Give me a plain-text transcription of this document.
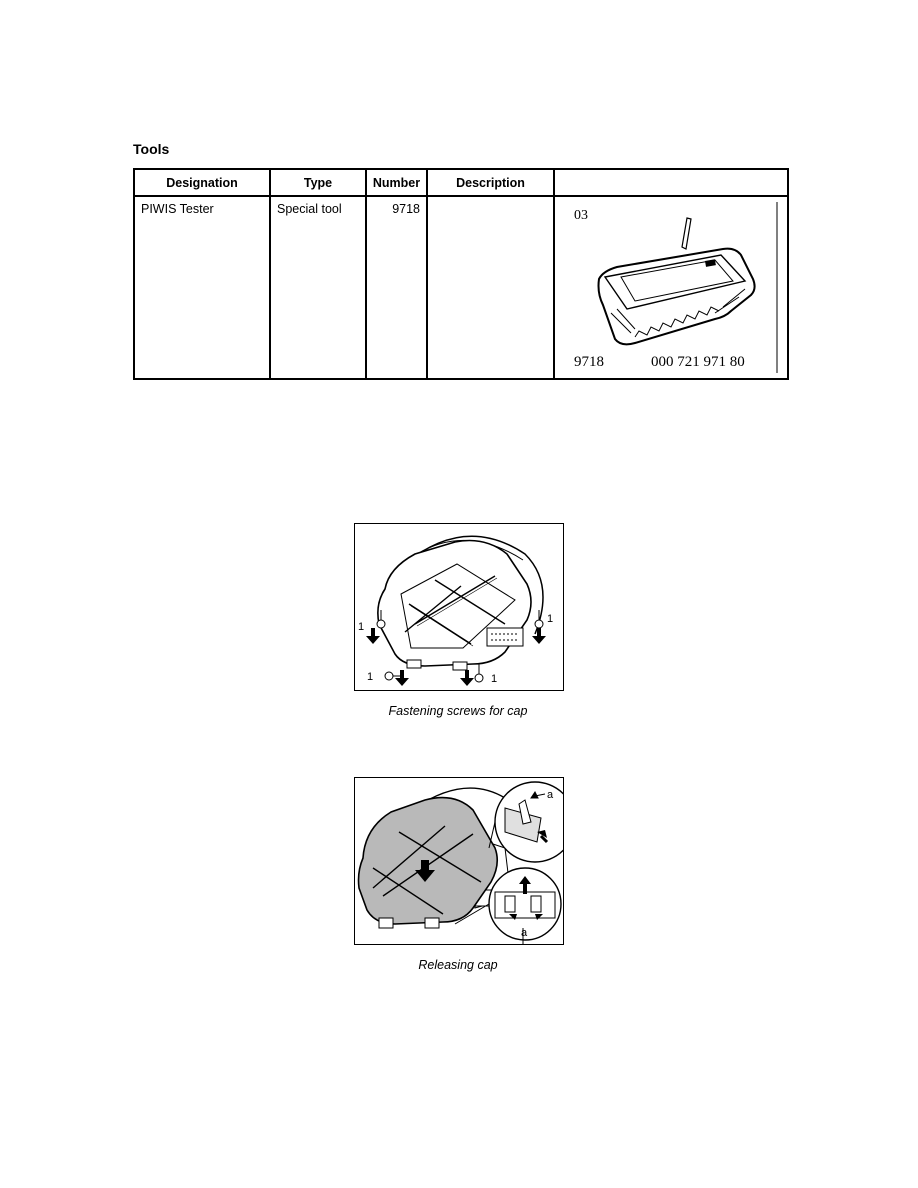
Tools
Designation	Type	Number	Description	
PIWIS Tester	Special tool	9718		03
9718 000 721 971 80
1
1
1	1
Fastening screws for cap
a
a
Releasing cap
